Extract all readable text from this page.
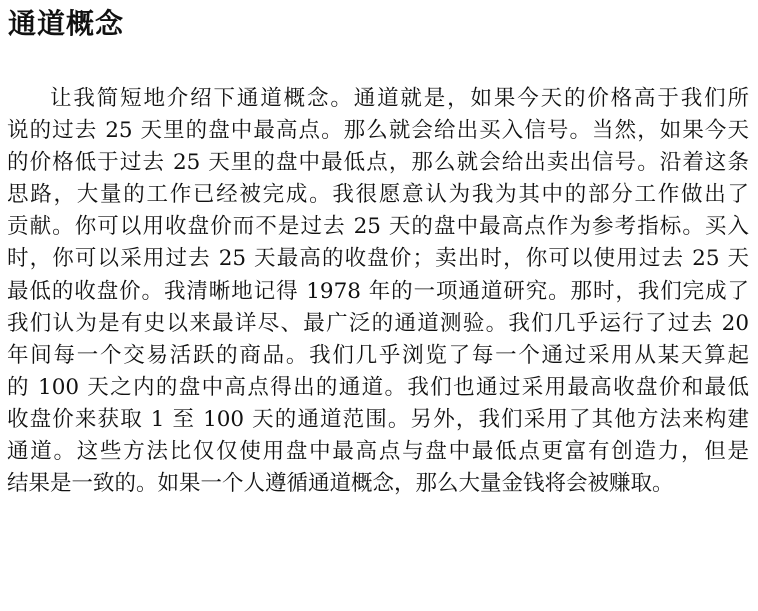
通道概念
让我简短地介绍下通道概念。通道就是，如果今天的价格高于我们所
说的过去 25 天里的盘中最高点。那么就会给出买入信号。当然，如果今天
的价格低于过去 25 天里的盘中最低点，那么就会给出卖出信号。沿着这条
思路，大量的工作已经被完成。我很愿意认为我为其中的部分工作做出了
贡献。你可以用收盘价而不是过去 25 天的盘中最高点作为参考指标。买入
时，你可以采用过去 25 天最高的收盘价；卖出时，你可以使用过去 25 天
最低的收盘价。我清晰地记得 1978 年的一项通道研究。那时，我们完成了
我们认为是有史以来最详尽、最广泛的通道测验。我们几乎运行了过去 20
年间每一个交易活跃的商品。我们几乎浏览了每一个通过采用从某天算起
的 100 天之内的盘中高点得出的通道。我们也通过采用最高收盘价和最低
收盘价来获取 1 至 100 天的通道范围。另外，我们采用了其他方法来构建
通道。这些方法比仅仅使用盘中最高点与盘中最低点更富有创造力，但是
结果是一致的。如果一个人遵循通道概念，那么大量金钱将会被赚取。
